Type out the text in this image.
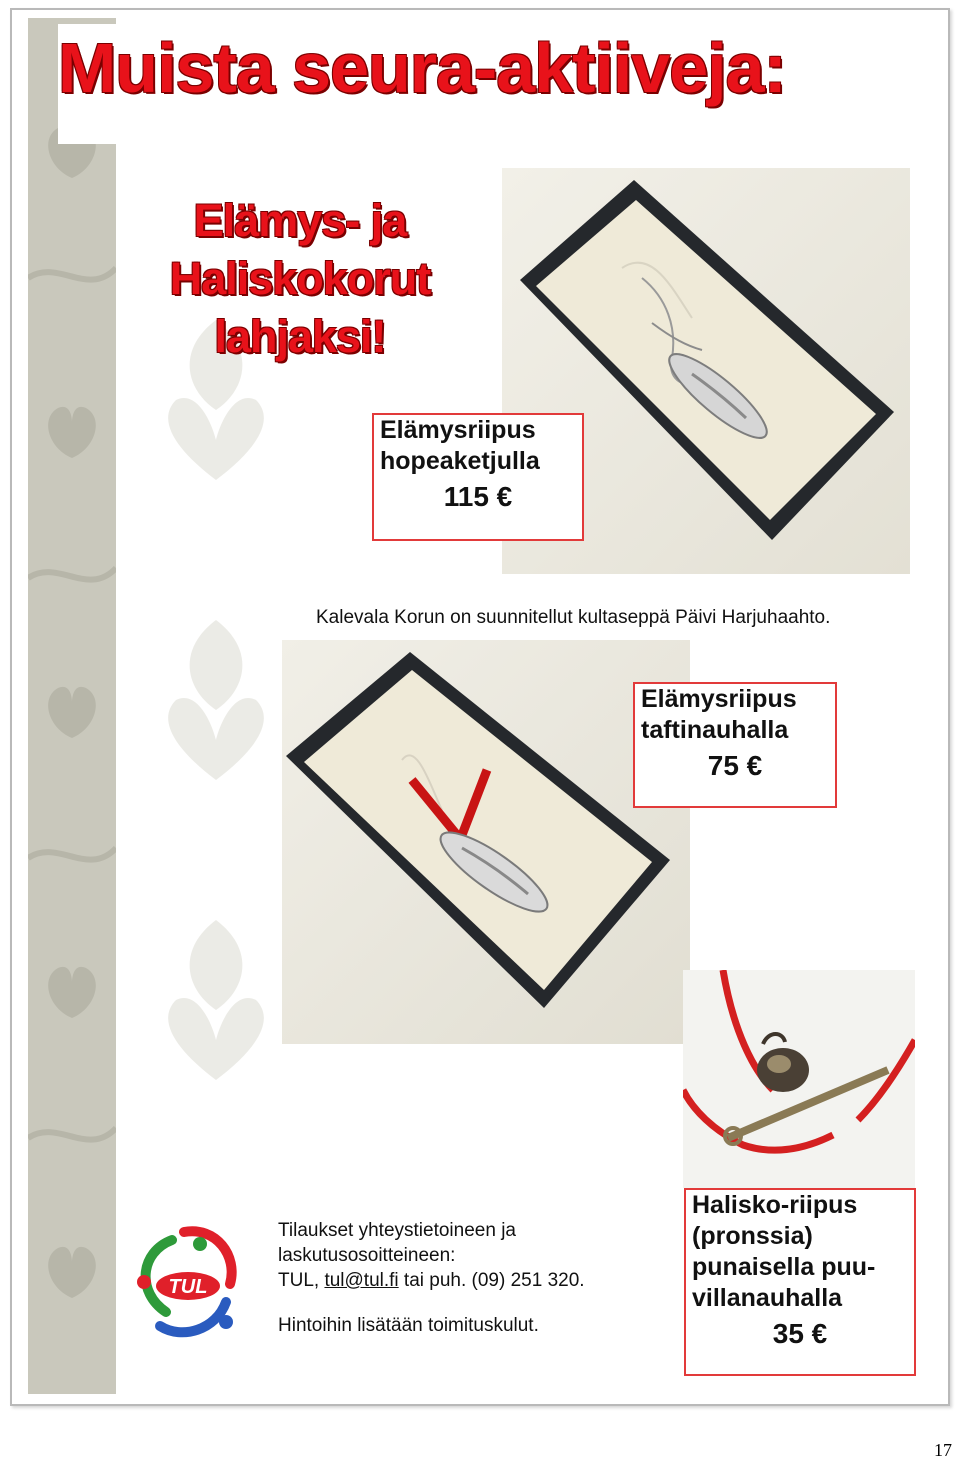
Muista seura-aktiiveja:
Elämys- ja
Haliskokorut
lahjaksi!
Elämysriipus
hopeaketjulla
115 €
Kalevala Korun on suunnitellut kultaseppä Päivi Harjuhaahto.
Elämysriipus
taftinauhalla
75 €
Halisko-riipus
(pronssia)
punaisella puu-
villanauhalla
35 €
TUL
Tilaukset yhteystietoineen ja
laskutusosoitteineen:
TUL, tul@tul.fi tai puh. (09) 251 320.
Hintoihin lisätään toimituskulut.
17
